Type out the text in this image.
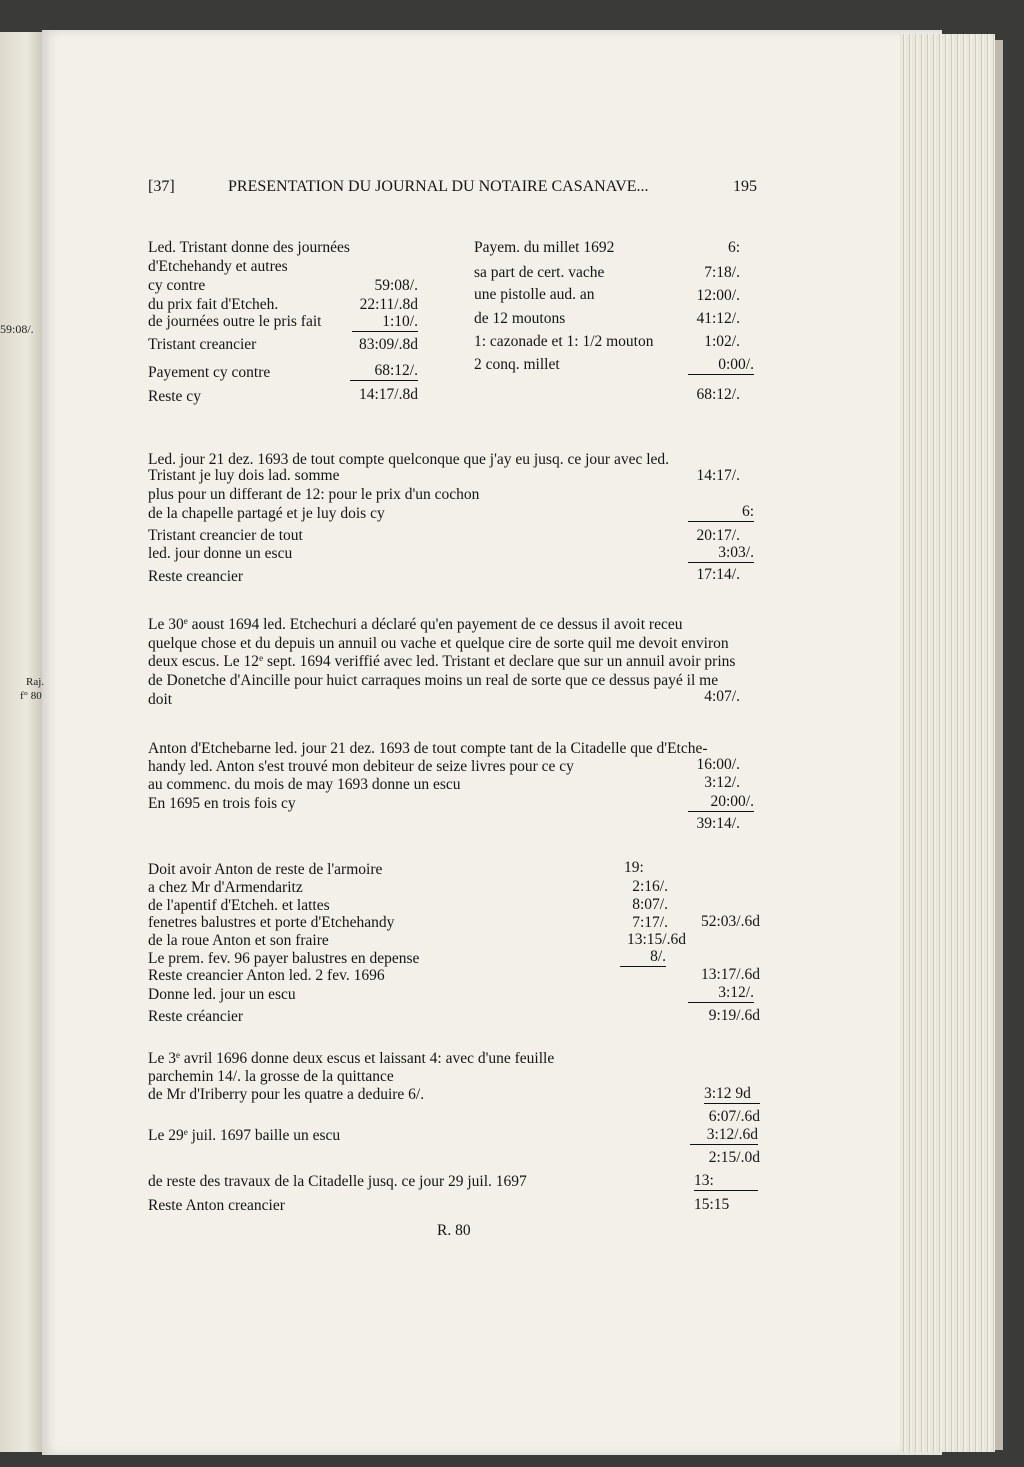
59:08/.
Raj.
f° 80
[37]	PRESENTATION DU JOURNAL DU NOTAIRE CASANAVE...	195
Led. Tristant donne des journées
d'Etchehandy et autres
cy contre	59:08/.
du prix fait d'Etcheh.	22:11/.8d
de journées outre le pris fait	1:10/.
Tristant creancier	83:09/.8d
Payement cy contre	68:12/.
Reste cy	14:17/.8d
Payem. du millet 1692	6:
sa part de cert. vache	7:18/.
une pistolle aud. an	12:00/.
de 12 moutons	41:12/.
1: cazonade et 1: 1/2 mouton	1:02/.
2 conq. millet	0:00/.
68:12/.
Led. jour 21 dez. 1693 de tout compte quelconque que j'ay eu jusq. ce jour avec led.
Tristant je luy dois lad. somme	14:17/.
plus pour un differant de 12: pour le prix d'un cochon
de la chapelle partagé et je luy dois cy	6:
Tristant creancier de tout	20:17/.
led. jour donne un escu	3:03/.
Reste creancier	17:14/.
Le 30e aoust 1694 led. Etchechuri a déclaré qu'en payement de ce dessus il avoit receu
quelque chose et du depuis un annuil ou vache et quelque cire de sorte quil me devoit environ
deux escus. Le 12e sept. 1694 veriffié avec led. Tristant et declare que sur un annuil avoir prins
de Donetche d'Aincille pour huict carraques moins un real de sorte que ce dessus payé il me
doit	4:07/.
Anton d'Etchebarne led. jour 21 dez. 1693 de tout compte tant de la Citadelle que d'Etche-
handy led. Anton s'est trouvé mon debiteur de seize livres pour ce cy	16:00/.
au commenc. du mois de may 1693 donne un escu	3:12/.
En 1695 en trois fois cy	20:00/.
39:14/.
Doit avoir Anton de reste de l'armoire	19:
a chez Mr d'Armendaritz	2:16/.
de l'apentif d'Etcheh. et lattes	8:07/.
fenetres balustres et porte d'Etchehandy	7:17/.	52:03/.6d
de la roue Anton et son fraire	13:15/.6d
Le prem. fev. 96 payer balustres en depense	8/.
Reste creancier Anton led. 2 fev. 1696	13:17/.6d
Donne led. jour un escu	3:12/.
Reste créancier	9:19/.6d
Le 3e avril 1696 donne deux escus et laissant 4: avec d'une feuille
parchemin 14/. la grosse de la quittance
de Mr d'Iriberry pour les quatre a deduire 6/.	3:12 9d
6:07/.6d
Le 29e juil. 1697 baille un escu	3:12/.6d
2:15/.0d
de reste des travaux de la Citadelle jusq. ce jour 29 juil. 1697	13:
Reste Anton creancier	15:15
R. 80
